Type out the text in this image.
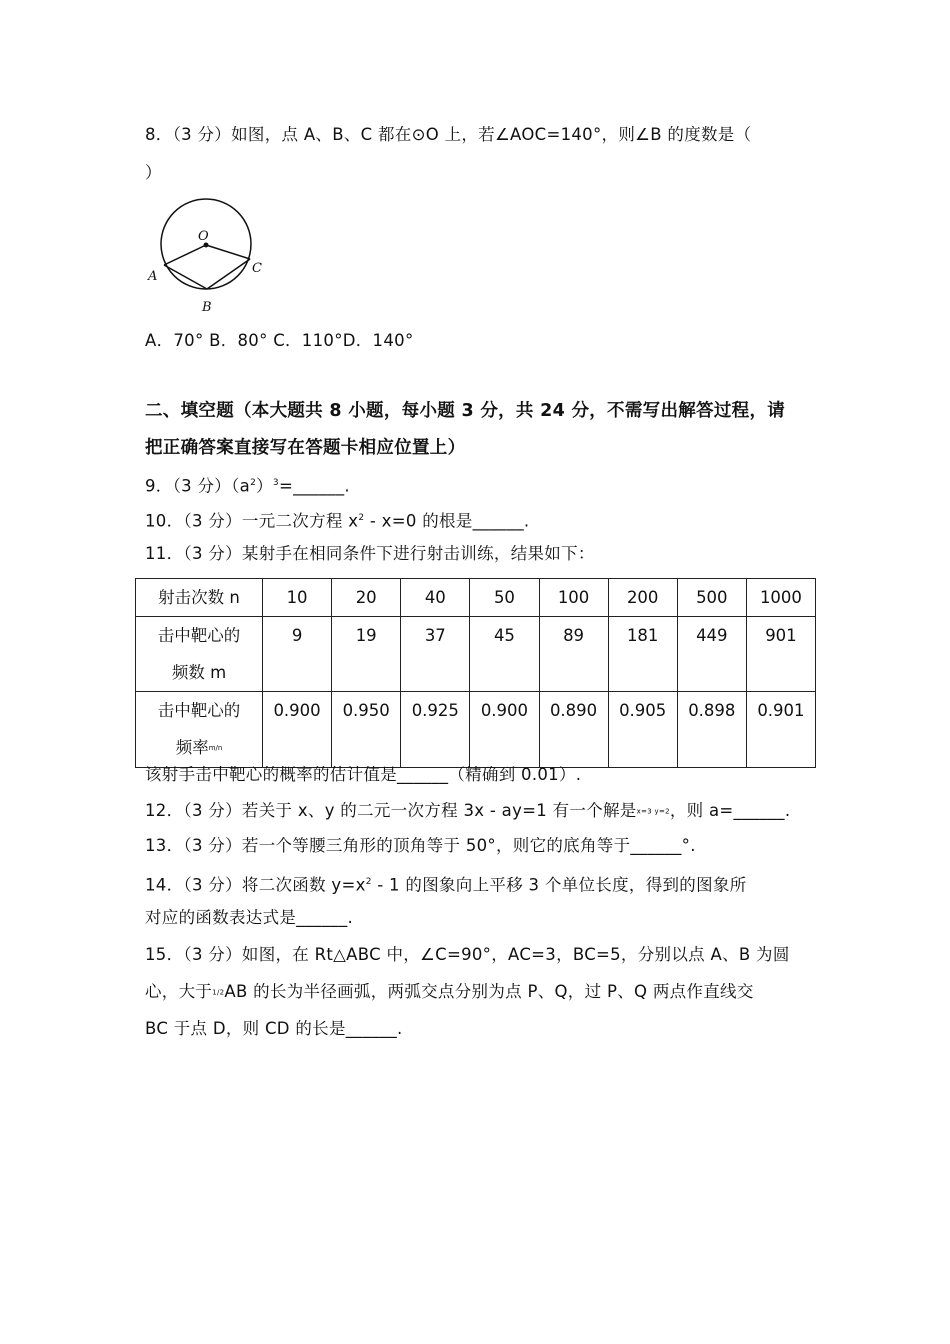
8．（3 分）如图，点 A、B、C 都在⊙O 上，若∠AOC=140°，则∠B 的度数是（
）
O
A
C
B
A．70° B．80° C．110°D．140°
二、填空题（本大题共 8 小题，每小题 3 分，共 24 分，不需写出解答过程，请
把正确答案直接写在答题卡相应位置上）
9．（3 分）$(a^2)^3=\_\_\_\_\_\_$.
10．（3 分）一元二次方程 $x^2 - x=0$ 的根是______.
11．（3 分）某射手在相同条件下进行射击训练，结果如下：
射击次数 n	10	20	40	50	100	200	500	1000

击中靶心的
频数 m	9	19	37	45	89	181	449	901

击中靶心的
频率m/n	0.900	0.950	0.925	0.900	0.890	0.905	0.898	0.901
该射手击中靶心的概率的估计值是______（精确到 0.01）.
12．（3 分）若关于 x、y 的二元一次方程 3x - ay=1 有一个解是x=3 y=2，则 a=______.
13．（3 分）若一个等腰三角形的顶角等于 50°，则它的底角等于______°.
14．（3 分）将二次函数 $y=x^2 - 1$ 的图象向上平移 3 个单位长度，得到的图象所
对应的函数表达式是______.
15．（3 分）如图，在 Rt△ABC 中，∠C=90°，AC=3，BC=5，分别以点 A、B 为圆
心，大于1/2AB 的长为半径画弧，两弧交点分别为点 P、Q，过 P、Q 两点作直线交
BC 于点 D，则 CD 的长是______.
